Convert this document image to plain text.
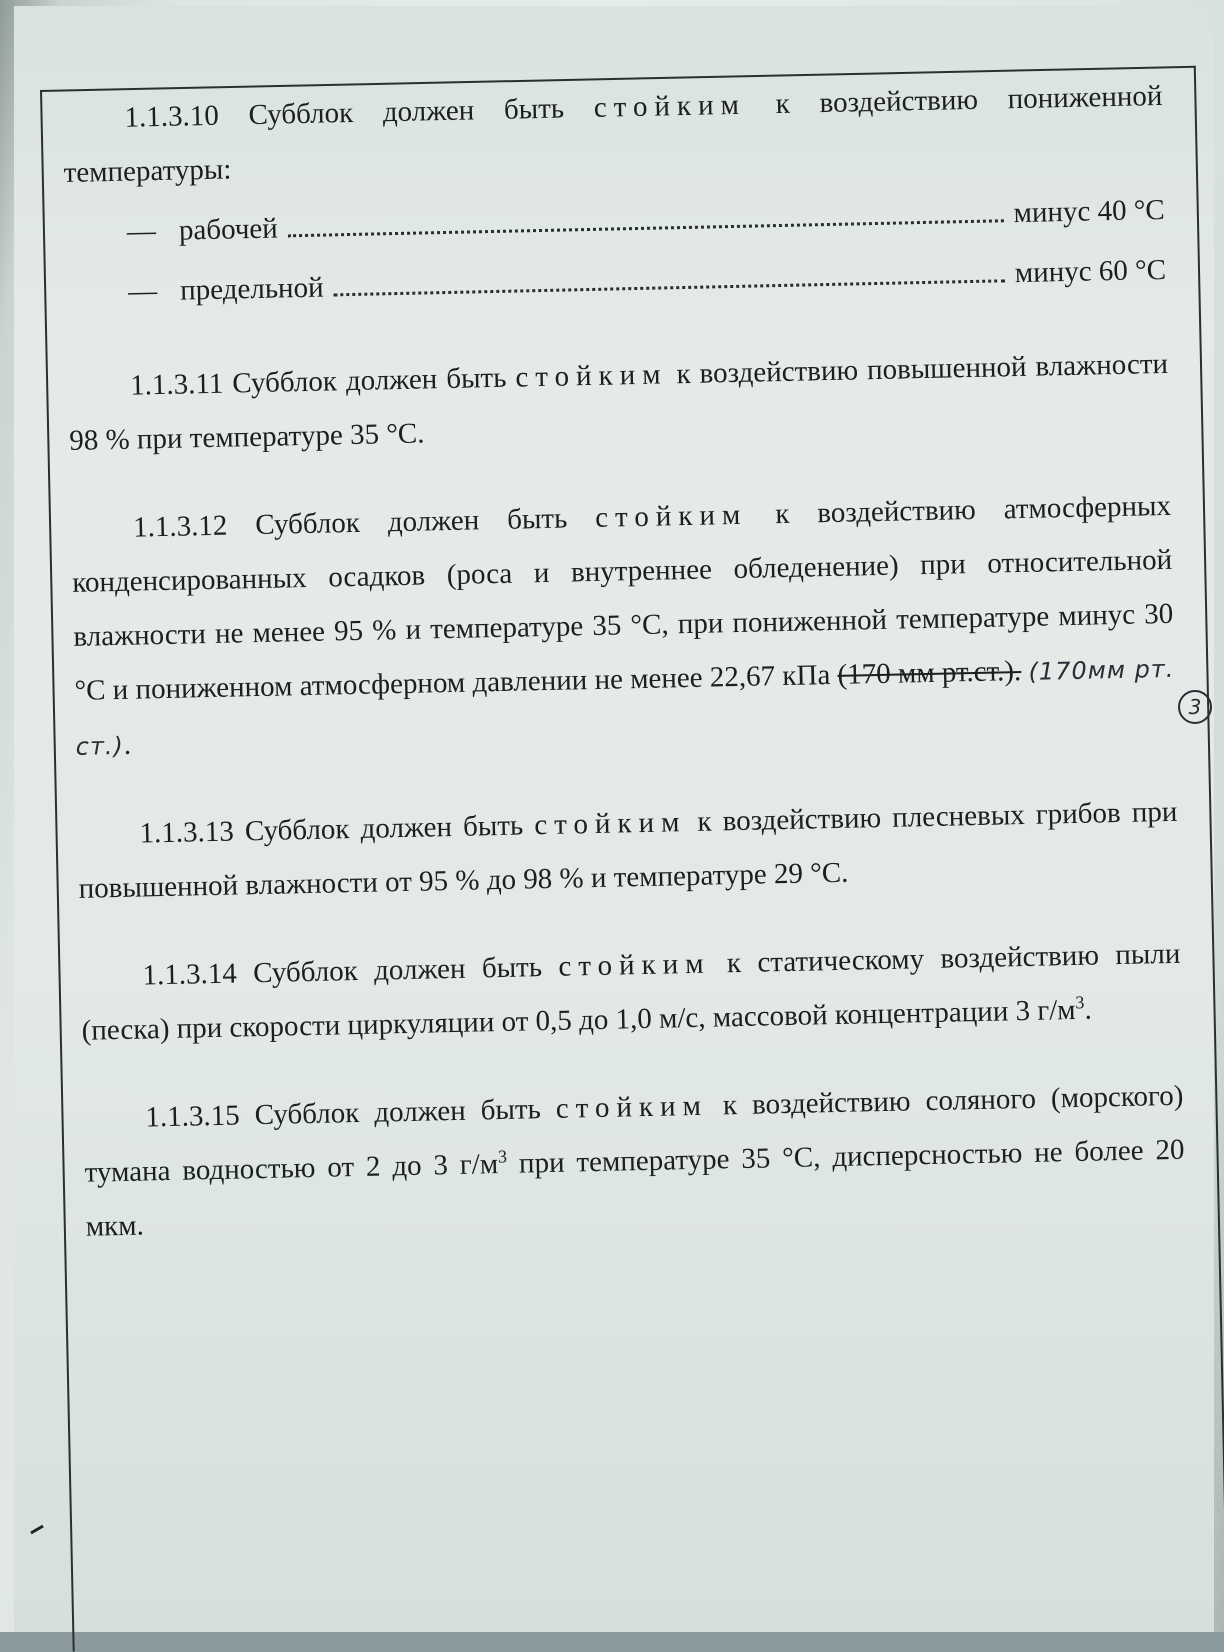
1.1.3.10 Субблок должен быть стойким к воздействию пониженной температуры:

— рабочей
минус 40 °С
— предельной	минус 60 °С

1.1.3.11 Субблок должен быть стойким к воздействию повышенной влажности 98 % при температуре 35 °С.

1.1.3.12 Субблок должен быть стойким к воздействию атмосферных конденсированных осадков (роса и внутреннее обледенение) при относительной влажности не менее 95 % и температуре 35 °С, при пониженной температуре минус 30 °С и пониженном атмосферном давлении не менее 22,67 кПа (170 мм рт.ст.). (170мм рт. ст.).

1.1.3.13 Субблок должен быть стойким к воздействию плесневых грибов при повышенной влажности от 95 % до 98 % и температуре 29 °С.

1.1.3.14 Субблок должен быть стойким к статическому воздействию пыли (песка) при скорости циркуляции от 0,5 до 1,0 м/с, массовой концентрации 3 $г/м^3$.

1.1.3.15 Субблок должен быть стойким к воздействию соляного (морского) тумана водностью от 2 до 3 $г/м^3$ при температуре 35 °С, дисперсностью не более 20 мкм.

3
